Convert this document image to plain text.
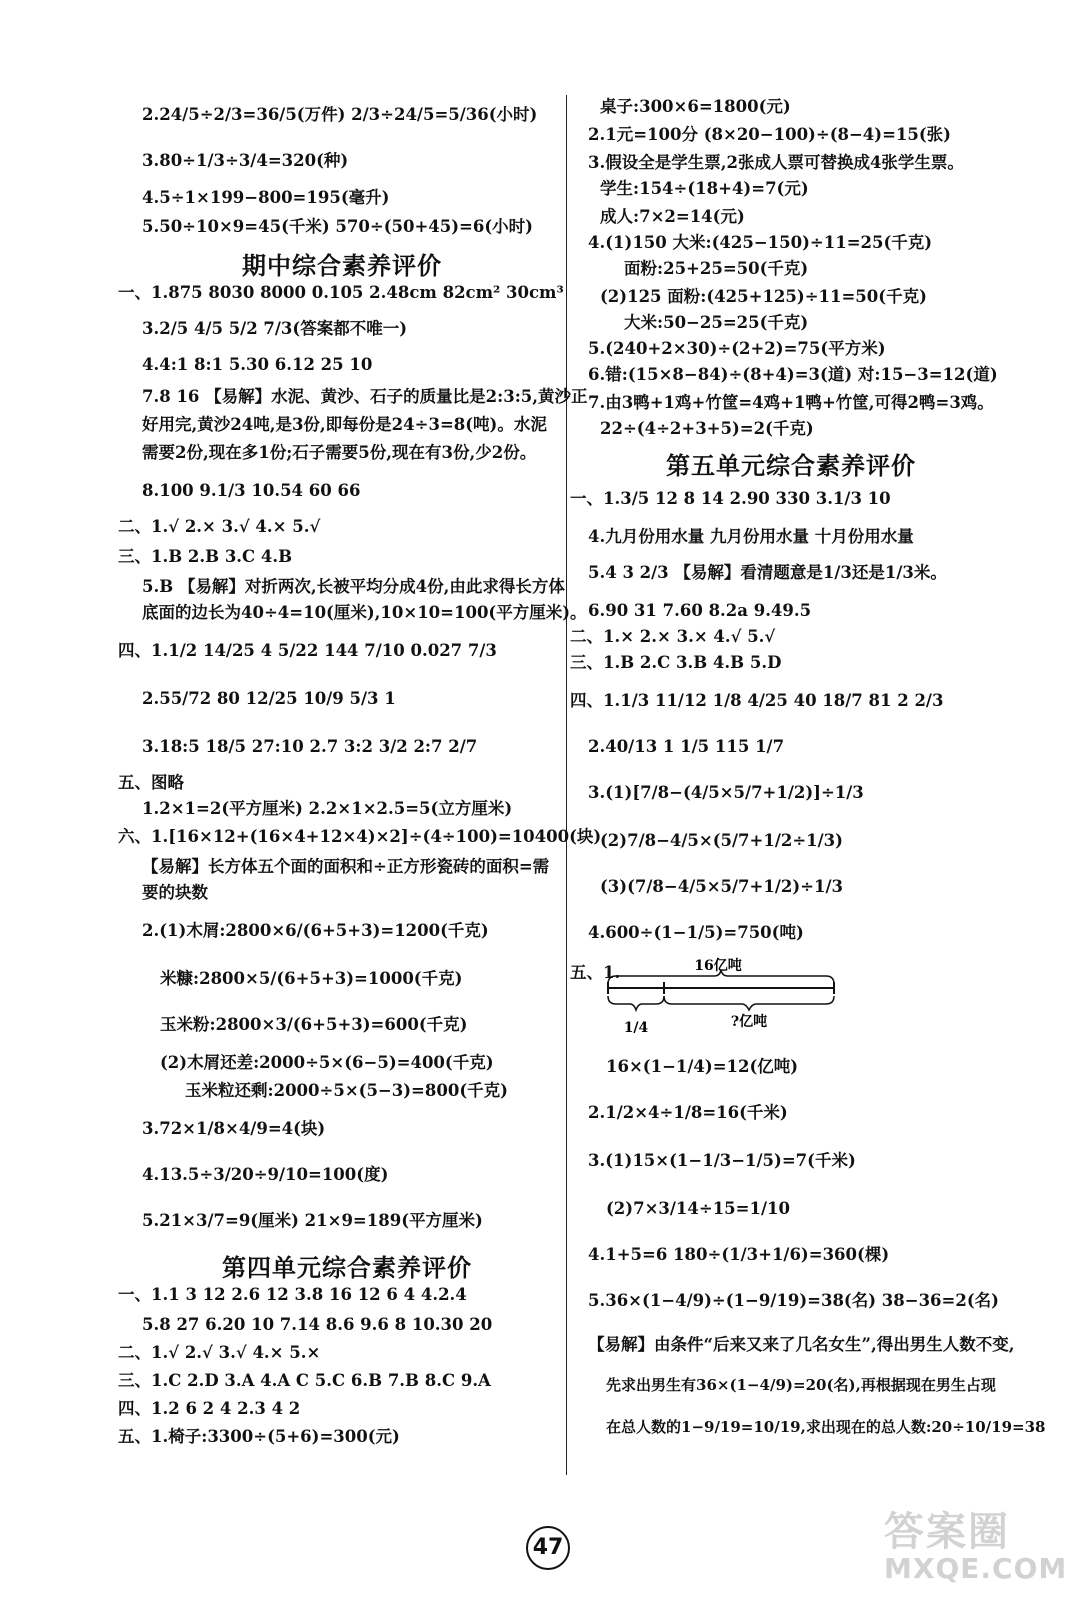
2.24/5÷2/3=36/5(万件) 2/3÷24/5=5/36(小时)
3.80÷1/3÷3/4=320(种)
4.5÷1×199−800=195(毫升)
5.50÷10×9=45(千米) 570÷(50+45)=6(小时)
期中综合素养评价
一、1.875 8030 8000 0.105 2.48cm 82cm² 30cm³
3.2/5 4/5 5/2 7/3(答案都不唯一)
4.4:1 8:1 5.30 6.12 25 10
7.8 16 【易解】水泥、黄沙、石子的质量比是2:3:5,黄沙正
好用完,黄沙24吨,是3份,即每份是24÷3=8(吨)。水泥
需要2份,现在多1份;石子需要5份,现在有3份,少2份。
8.100 9.1/3 10.54 60 66
二、1.√ 2.× 3.√ 4.× 5.√
三、1.B 2.B 3.C 4.B
5.B 【易解】对折两次,长被平均分成4份,由此求得长方体
底面的边长为40÷4=10(厘米),10×10=100(平方厘米)。
四、1.1/2 14/25 4 5/22 144 7/10 0.027 7/3
2.55/72 80 12/25 10/9 5/3 1
3.18:5 18/5 27:10 2.7 3:2 3/2 2:7 2/7
五、图略
1.2×1=2(平方厘米) 2.2×1×2.5=5(立方厘米)
六、1.[16×12+(16×4+12×4)×2]÷(4÷100)=10400(块)
【易解】长方体五个面的面积和÷正方形瓷砖的面积=需
要的块数
2.(1)木屑:2800×6/(6+5+3)=1200(千克)
米糠:2800×5/(6+5+3)=1000(千克)
玉米粉:2800×3/(6+5+3)=600(千克)
(2)木屑还差:2000÷5×(6−5)=400(千克)
玉米粒还剩:2000÷5×(5−3)=800(千克)
3.72×1/8×4/9=4(块)
4.13.5÷3/20÷9/10=100(度)
5.21×3/7=9(厘米) 21×9=189(平方厘米)
第四单元综合素养评价
一、1.1 3 12 2.6 12 3.8 16 12 6 4 4.2.4
5.8 27 6.20 10 7.14 8.6 9.6 8 10.30 20
二、1.√ 2.√ 3.√ 4.× 5.×
三、1.C 2.D 3.A 4.A C 5.C 6.B 7.B 8.C 9.A
四、1.2 6 2 4 2.3 4 2
五、1.椅子:3300÷(5+6)=300(元)
桌子:300×6=1800(元)
2.1元=100分 (8×20−100)÷(8−4)=15(张)
3.假设全是学生票,2张成人票可替换成4张学生票。
学生:154÷(18+4)=7(元)
成人:7×2=14(元)
4.(1)150 大米:(425−150)÷11=25(千克)
面粉:25+25=50(千克)
(2)125 面粉:(425+125)÷11=50(千克)
大米:50−25=25(千克)
5.(240+2×30)÷(2+2)=75(平方米)
6.错:(15×8−84)÷(8+4)=3(道) 对:15−3=12(道)
7.由3鸭+1鸡+竹筐=4鸡+1鸭+竹筐,可得2鸭=3鸡。
22÷(4÷2+3+5)=2(千克)
第五单元综合素养评价
一、1.3/5 12 8 14 2.90 330 3.1/3 10
4.九月份用水量 九月份用水量 十月份用水量
5.4 3 2/3 【易解】看清题意是1/3还是1/3米。
6.90 31 7.60 8.2a 9.49.5
二、1.× 2.× 3.× 4.√ 5.√
三、1.B 2.C 3.B 4.B 5.D
四、1.1/3 11/12 1/8 4/25 40 18/7 81 2 2/3
2.40/13 1 1/5 115 1/7
3.(1)[7/8−(4/5×5/7+1/2)]÷1/3
(2)7/8−4/5×(5/7+1/2÷1/3)
(3)(7/8−4/5×5/7+1/2)÷1/3
4.600÷(1−1/5)=750(吨)
五、1.	16亿吨
1/4	?亿吨
16×(1−1/4)=12(亿吨)
2.1/2×4÷1/8=16(千米)
3.(1)15×(1−1/3−1/5)=7(千米)
(2)7×3/14÷15=1/10
4.1+5=6 180÷(1/3+1/6)=360(棵)
5.36×(1−4/9)÷(1−9/19)=38(名) 38−36=2(名)
【易解】由条件“后来又来了几名女生”,得出男生人数不变,
先求出男生有36×(1−4/9)=20(名),再根据现在男生占现
在总人数的1−9/19=10/19,求出现在的总人数:20÷10/19=38
47	答案圈
MXQE.COM
